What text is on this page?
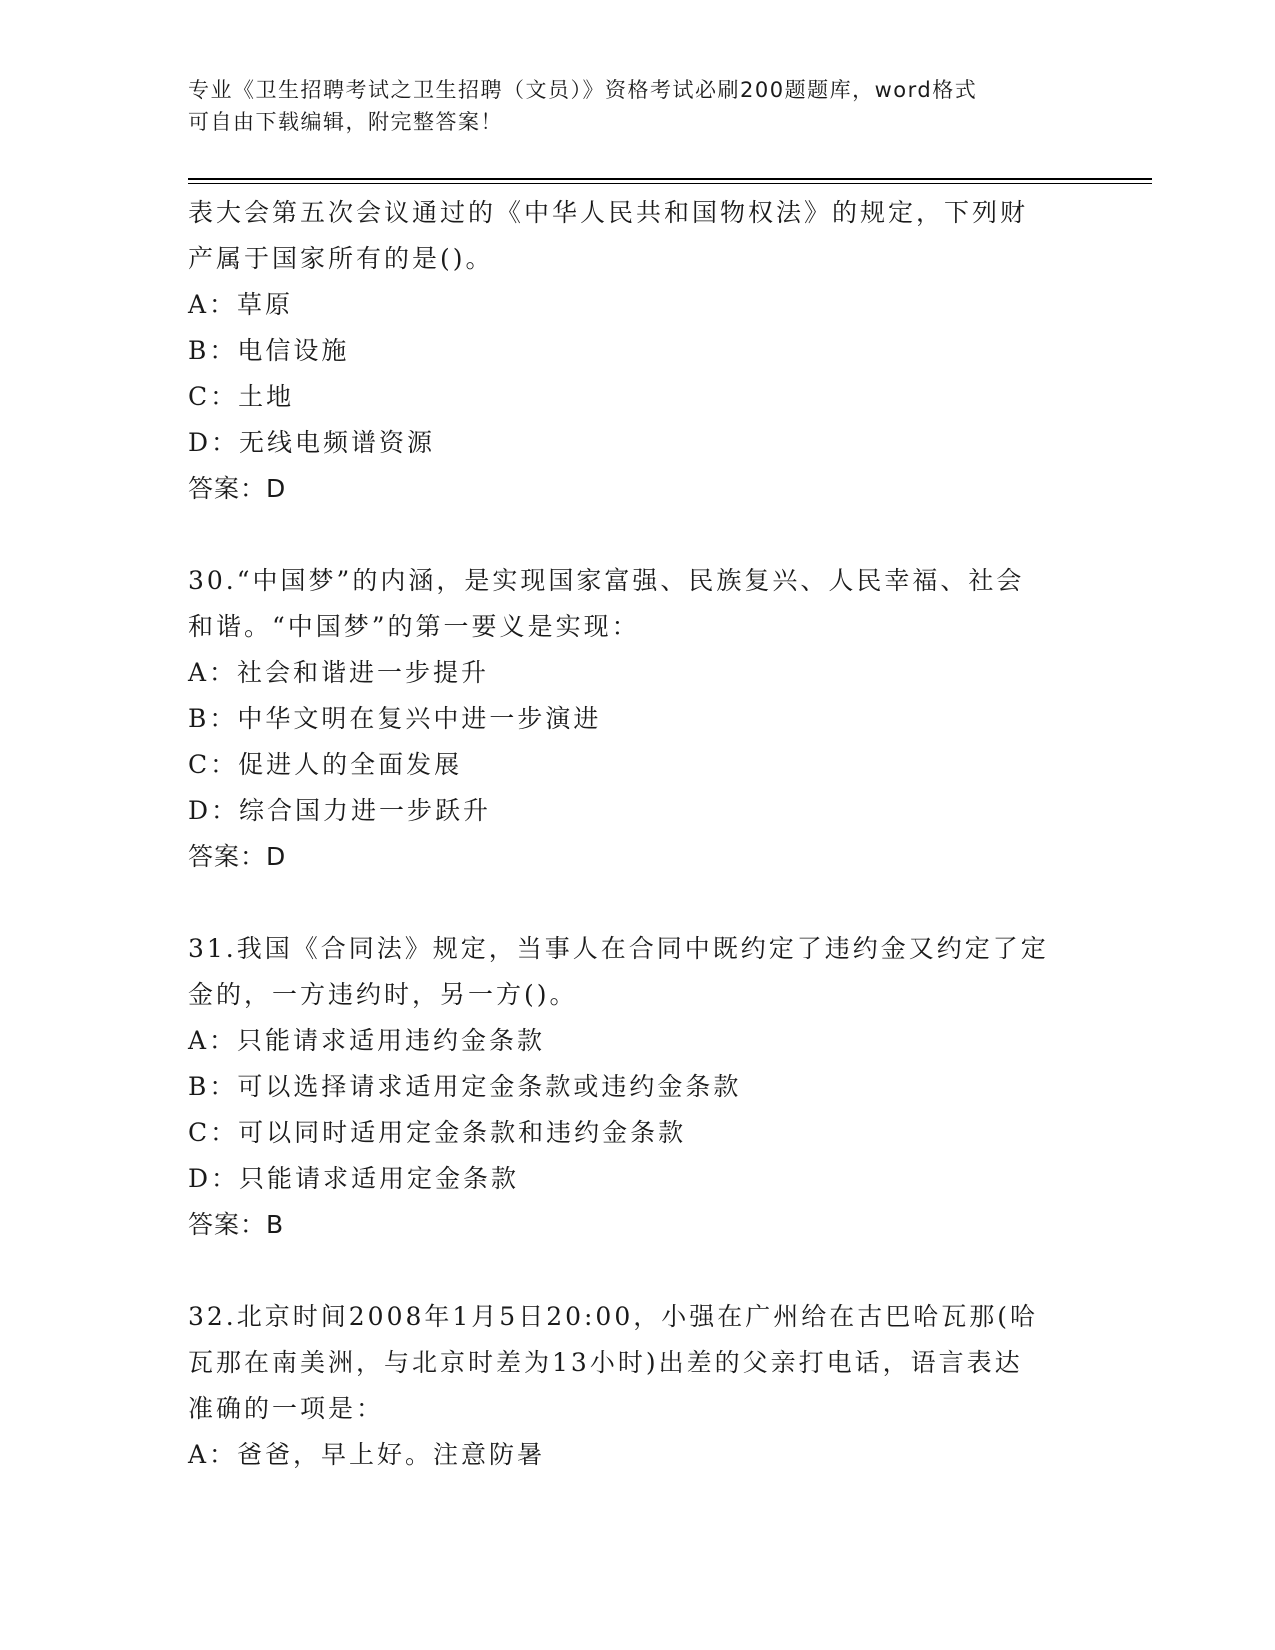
专业《卫生招聘考试之卫生招聘（文员）》资格考试必刷200题题库，word格式
可自由下载编辑，附完整答案！
表大会第五次会议通过的《中华人民共和国物权法》的规定，下列财
产属于国家所有的是()。
A：草原
B：电信设施
C：土地
D：无线电频谱资源
答案：D
30.“中国梦”的内涵，是实现国家富强、民族复兴、人民幸福、社会
和谐。“中国梦”的第一要义是实现：
A：社会和谐进一步提升
B：中华文明在复兴中进一步演进
C：促进人的全面发展
D：综合国力进一步跃升
答案：D
31.我国《合同法》规定，当事人在合同中既约定了违约金又约定了定
金的，一方违约时，另一方()。
A：只能请求适用违约金条款
B：可以选择请求适用定金条款或违约金条款
C：可以同时适用定金条款和违约金条款
D：只能请求适用定金条款
答案：B
32.北京时间2008年1月5日20:00，小强在广州给在古巴哈瓦那(哈
瓦那在南美洲，与北京时差为13小时)出差的父亲打电话，语言表达
准确的一项是：
A：爸爸，早上好。注意防暑
